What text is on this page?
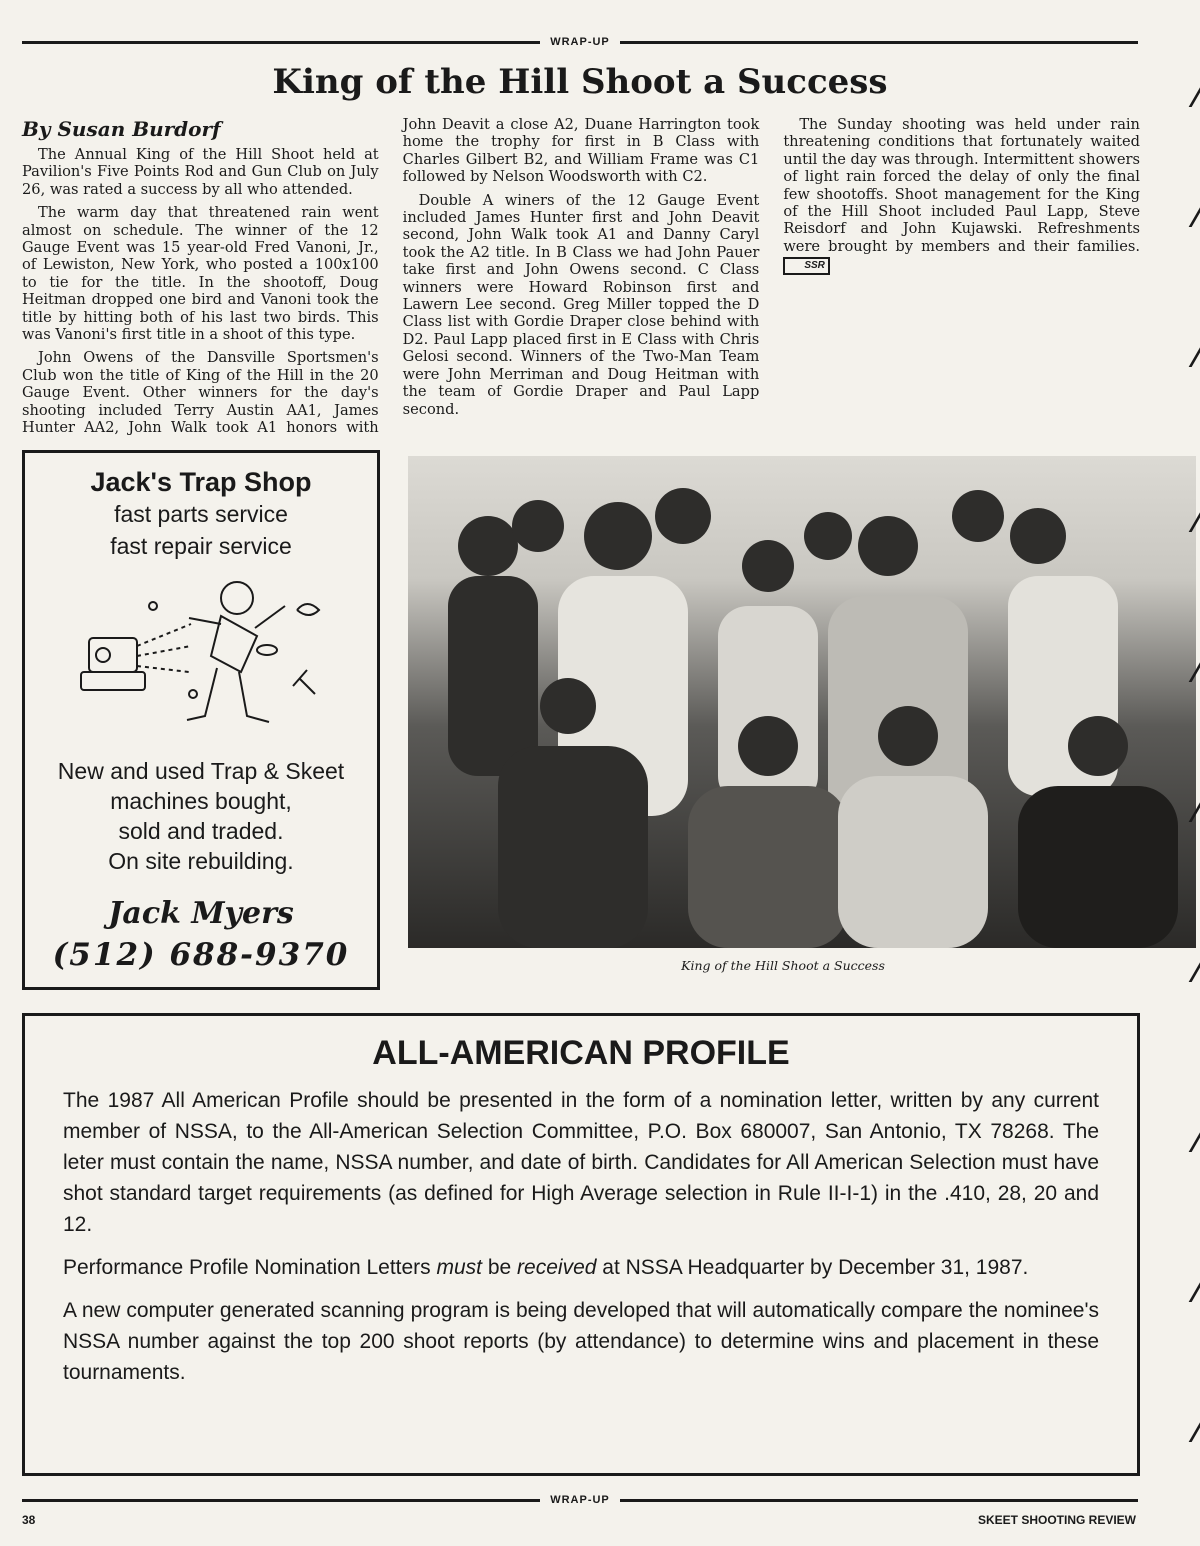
WRAP-UP
King of the Hill Shoot a Success

By Susan Burdorf

The Annual King of the Hill Shoot held at Pavilion's Five Points Rod and Gun Club on July 26, was rated a success by all who attended.

The warm day that threatened rain went almost on schedule. The winner of the 12 Gauge Event was 15 year-old Fred Vanoni, Jr., of Lewiston, New York, who posted a 100x100 to tie for the title. In the shootoff, Doug Heitman dropped one bird and Vanoni took the title by hitting both of his last two birds. This was Vanoni's first title in a shoot of this type.

John Owens of the Dansville Sportsmen's Club won the title of King of the Hill in the 20 Gauge Event. Other winners for the day's shooting included Terry Austin AA1, James Hunter AA2, John Walk took A1 honors with John Deavit a close A2, Duane Harrington took home the trophy for first in B Class with Charles Gilbert B2, and William Frame was C1 followed by Nelson Woodsworth with C2.

Double A winers of the 12 Gauge Event included James Hunter first and John Deavit second, John Walk took A1 and Danny Caryl took the A2 title. In B Class we had John Pauer take first and John Owens second. C Class winners were Howard Robinson first and Lawern Lee second. Greg Miller topped the D Class list with Gordie Draper close behind with D2. Paul Lapp placed first in E Class with Chris Gelosi second. Winners of the Two-Man Team were John Merriman and Doug Heitman with the team of Gordie Draper and Paul Lapp second.

The Sunday shooting was held under rain threatening conditions that fortunately waited until the day was through. Intermittent showers of light rain forced the delay of only the final few shootoffs. Shoot management for the King of the Hill Shoot included Paul Lapp, Steve Reisdorf and John Kujawski. Refreshments were brought by members and their families. SSR

Jack's Trap Shop
fast parts service
fast repair service
New and used Trap & Skeet
machines bought,
sold and traded.
On site rebuilding.
Jack Myers
(512) 688-9370	King of the Hill Shoot a Success
ALL-AMERICAN PROFILE

The 1987 All American Profile should be presented in the form of a nomination letter, written by any current member of NSSA, to the All-American Selection Committee, P.O. Box 680007, San Antonio, TX 78268. The leter must contain the name, NSSA number, and date of birth. Candidates for All American Selection must have shot standard target requirements (as defined for High Average selection in Rule II-I-1) in the .410, 28, 20 and 12.

Performance Profile Nomination Letters must be received at NSSA Headquarter by December 31, 1987.

A new computer generated scanning program is being developed that will automatically compare the nominee's NSSA number against the top 200 shoot reports (by attendance) to determine wins and placement in these tournaments.

WRAP-UP
38	SKEET SHOOTING REVIEW
